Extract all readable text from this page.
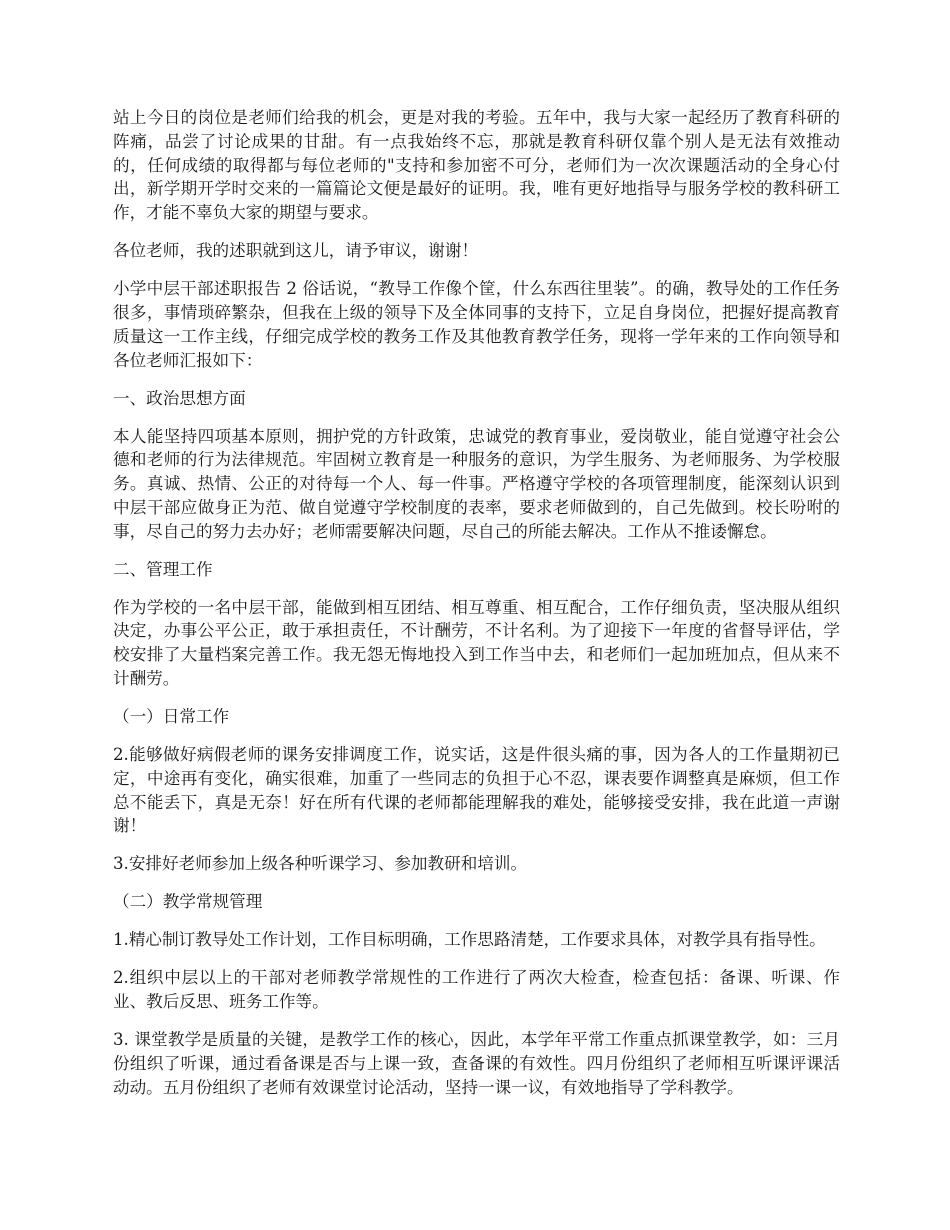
站上今日的岗位是老师们给我的机会，更是对我的考验。五年中，我与大家一起经历了教育科研的阵痛，品尝了讨论成果的甘甜。有一点我始终不忘，那就是教育科研仅靠个别人是无法有效推动的，任何成绩的取得都与每位老师的"支持和参加密不可分，老师们为一次次课题活动的全身心付出，新学期开学时交来的一篇篇论文便是最好的证明。我，唯有更好地指导与服务学校的教科研工作，才能不辜负大家的期望与要求。

各位老师，我的述职就到这儿，请予审议，谢谢！

小学中层干部述职报告 2 俗话说，“教导工作像个筐，什么东西往里装”。的确，教导处的工作任务很多，事情琐碎繁杂，但我在上级的领导下及全体同事的支持下，立足自身岗位，把握好提高教育质量这一工作主线，仔细完成学校的教务工作及其他教育教学任务，现将一学年来的工作向领导和各位老师汇报如下：

一、政治思想方面

本人能坚持四项基本原则，拥护党的方针政策，忠诚党的教育事业，爱岗敬业，能自觉遵守社会公德和老师的行为法律规范。牢固树立教育是一种服务的意识，为学生服务、为老师服务、为学校服务。真诚、热情、公正的对待每一个人、每一件事。严格遵守学校的各项管理制度，能深刻认识到中层干部应做身正为范、做自觉遵守学校制度的表率，要求老师做到的，自己先做到。校长吩咐的事，尽自己的努力去办好；老师需要解决问题，尽自己的所能去解决。工作从不推诿懈怠。

二、管理工作

作为学校的一名中层干部，能做到相互团结、相互尊重、相互配合，工作仔细负责，坚决服从组织决定，办事公平公正，敢于承担责任，不计酬劳，不计名利。为了迎接下一年度的省督导评估，学校安排了大量档案完善工作。我无怨无悔地投入到工作当中去，和老师们一起加班加点，但从来不计酬劳。

（一）日常工作

2.能够做好病假老师的课务安排调度工作，说实话，这是件很头痛的事，因为各人的工作量期初已定，中途再有变化，确实很难，加重了一些同志的负担于心不忍，课表要作调整真是麻烦，但工作总不能丢下，真是无奈！好在所有代课的老师都能理解我的难处，能够接受安排，我在此道一声谢谢！

3.安排好老师参加上级各种听课学习、参加教研和培训。

（二）教学常规管理

1.精心制订教导处工作计划，工作目标明确，工作思路清楚，工作要求具体，对教学具有指导性。

2.组织中层以上的干部对老师教学常规性的工作进行了两次大检查，检查包括：备课、听课、作业、教后反思、班务工作等。

3. 课堂教学是质量的关键，是教学工作的核心，因此，本学年平常工作重点抓课堂教学，如：三月份组织了听课，通过看备课是否与上课一致，查备课的有效性。四月份组织了老师相互听课评课活动动。五月份组织了老师有效课堂讨论活动，坚持一课一议，有效地指导了学科教学。
